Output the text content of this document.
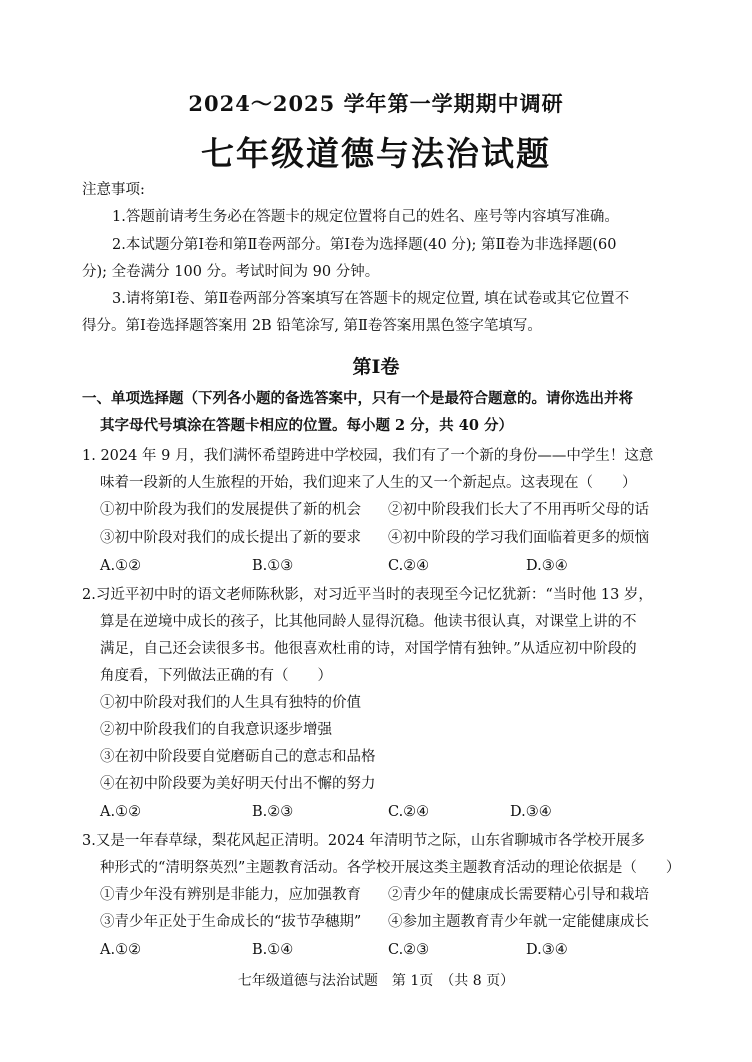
2024～2025 学年第一学期期中调研
七年级道德与法治试题
注意事项:
1.答题前请考生务必在答题卡的规定位置将自己的姓名、座号等内容填写准确。
2.本试题分第Ⅰ卷和第Ⅱ卷两部分。第Ⅰ卷为选择题(40 分); 第Ⅱ卷为非选择题(60
分); 全卷满分 100 分。考试时间为 90 分钟。
3.请将第Ⅰ卷、第Ⅱ卷两部分答案填写在答题卡的规定位置, 填在试卷或其它位置不
得分。第Ⅰ卷选择题答案用 2B 铅笔涂写, 第Ⅱ卷答案用黑色签字笔填写。
第Ⅰ卷
一、单项选择题（下列各小题的备选答案中，只有一个是最符合题意的。请你选出并将
其字母代号填涂在答题卡相应的位置。每小题 2 分，共 40 分）
1. 2024 年 9 月，我们满怀希望跨进中学校园，我们有了一个新的身份——中学生！这意
味着一段新的人生旅程的开始，我们迎来了人生的又一个新起点。这表现在（　　）
①初中阶段为我们的发展提供了新的机会 ②初中阶段我们长大了不用再听父母的话
③初中阶段对我们的成长提出了新的要求 ④初中阶段的学习我们面临着更多的烦恼
A.①②	B.①③	C.②④	D.③④
2.习近平初中时的语文老师陈秋影，对习近平当时的表现至今记忆犹新：“当时他 13 岁，
算是在逆境中成长的孩子，比其他同龄人显得沉稳。他读书很认真，对课堂上讲的不
满足，自己还会读很多书。他很喜欢杜甫的诗，对国学情有独钟。”从适应初中阶段的
角度看，下列做法正确的有（　　）
①初中阶段对我们的人生具有独特的价值
②初中阶段我们的自我意识逐步增强
③在初中阶段要自觉磨砺自己的意志和品格
④在初中阶段要为美好明天付出不懈的努力
A.①②	B.②③	C.②④	D.③④
3.又是一年春草绿，梨花风起正清明。2024 年清明节之际，山东省聊城市各学校开展多
种形式的“清明祭英烈”主题教育活动。各学校开展这类主题教育活动的理论依据是（　　）
①青少年没有辨别是非能力，应加强教育 ②青少年的健康成长需要精心引导和栽培
③青少年正处于生命成长的“拔节孕穗期” ④参加主题教育青少年就一定能健康成长
A.①②	B.①④	C.②③	D.③④
七年级道德与法治试题　第 1页　（共 8 页）
